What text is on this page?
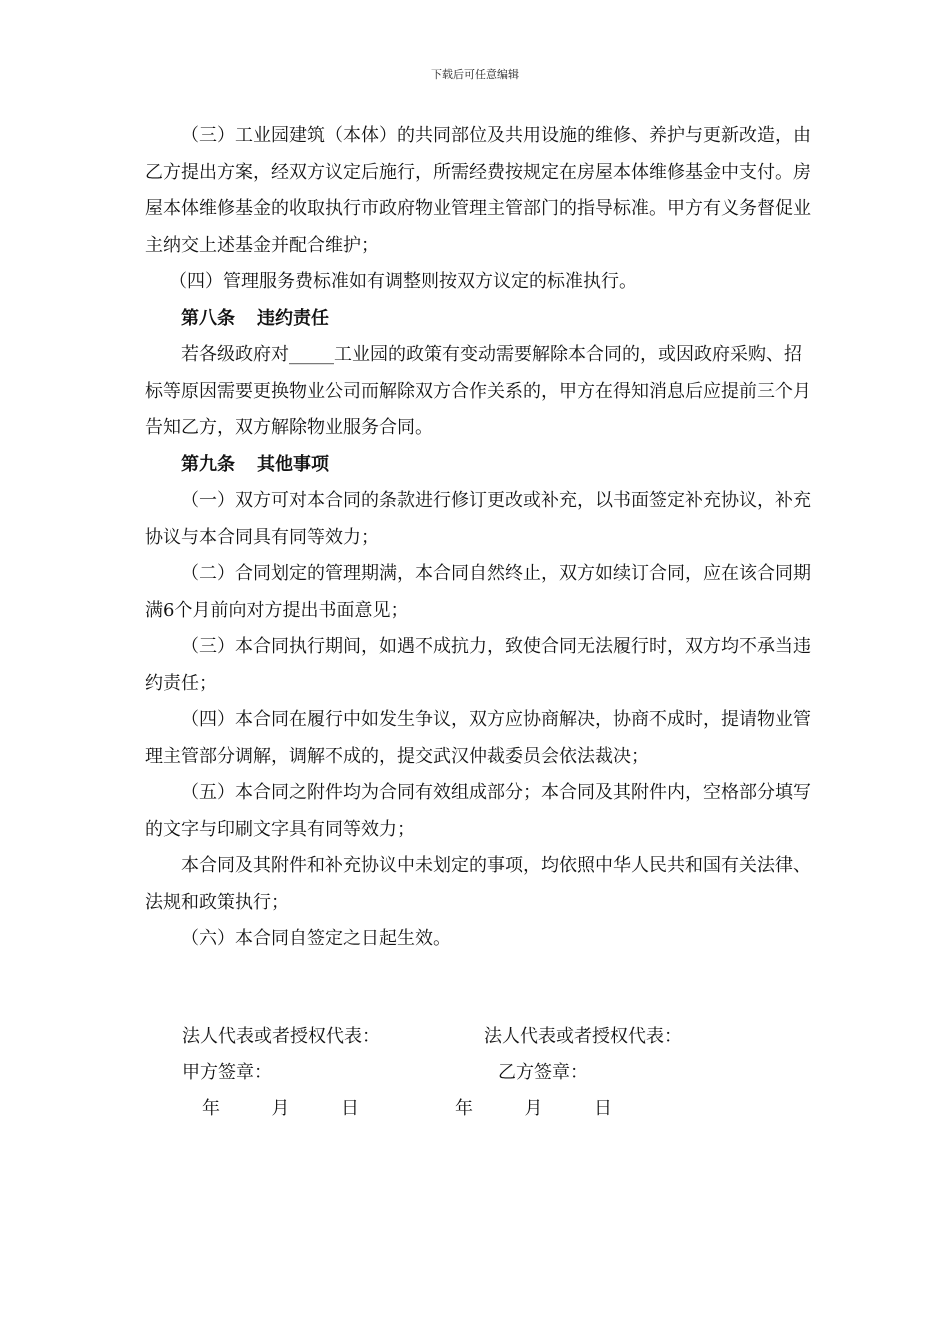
下载后可任意编辑

（三）工业园建筑（本体）的共同部位及共用设施的维修、养护与更新改造，由乙方提出方案，经双方议定后施行，所需经费按规定在房屋本体维修基金中支付。房屋本体维修基金的收取执行市政府物业管理主管部门的指导标准。甲方有义务督促业主纳交上述基金并配合维护；

（四）管理服务费标准如有调整则按双方议定的标准执行。

第八条 违约责任

若各级政府对_____工业园的政策有变动需要解除本合同的，或因政府采购、招标等原因需要更换物业公司而解除双方合作关系的，甲方在得知消息后应提前三个月告知乙方，双方解除物业服务合同。

第九条 其他事项

（一）双方可对本合同的条款进行修订更改或补充，以书面签定补充协议，补充协议与本合同具有同等效力；

（二）合同划定的管理期满，本合同自然终止，双方如续订合同，应在该合同期满6个月前向对方提出书面意见；

（三）本合同执行期间，如遇不成抗力，致使合同无法履行时，双方均不承当违约责任；

（四）本合同在履行中如发生争议，双方应协商解决，协商不成时，提请物业管理主管部分调解，调解不成的，提交武汉仲裁委员会依法裁决；

（五）本合同之附件均为合同有效组成部分；本合同及其附件内，空格部分填写的文字与印刷文字具有同等效力；

本合同及其附件和补充协议中未划定的事项，均依照中华人民共和国有关法律、法规和政策执行；

（六）本合同自签定之日起生效。

法人代表或者授权代表：	法人代表或者授权代表：
甲方签章：	乙方签章：
年	月	日	年	月	日
